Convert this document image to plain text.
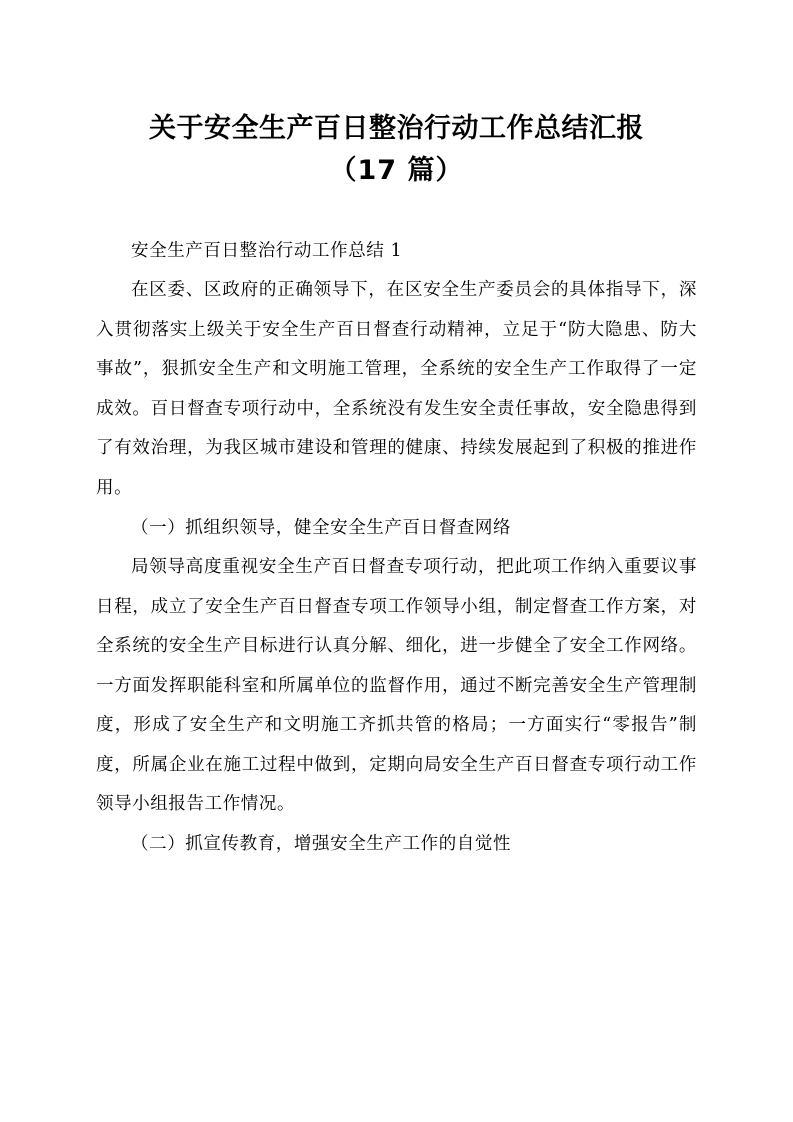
关于安全生产百日整治行动工作总结汇报
（17 篇）

安全生产百日整治行动工作总结 1

在区委、区政府的正确领导下，在区安全生产委员会的具体指导下，深入贯彻落实上级关于安全生产百日督查行动精神，立足于“防大隐患、防大事故”，狠抓安全生产和文明施工管理，全系统的安全生产工作取得了一定成效。百日督查专项行动中，全系统没有发生安全责任事故，安全隐患得到了有效治理，为我区城市建设和管理的健康、持续发展起到了积极的推进作用。

（一）抓组织领导，健全安全生产百日督查网络

局领导高度重视安全生产百日督查专项行动，把此项工作纳入重要议事日程，成立了安全生产百日督查专项工作领导小组，制定督查工作方案，对全系统的安全生产目标进行认真分解、细化，进一步健全了安全工作网络。一方面发挥职能科室和所属单位的监督作用，通过不断完善安全生产管理制度，形成了安全生产和文明施工齐抓共管的格局；一方面实行“零报告”制度，所属企业在施工过程中做到，定期向局安全生产百日督查专项行动工作领导小组报告工作情况。

（二）抓宣传教育，增强安全生产工作的自觉性
